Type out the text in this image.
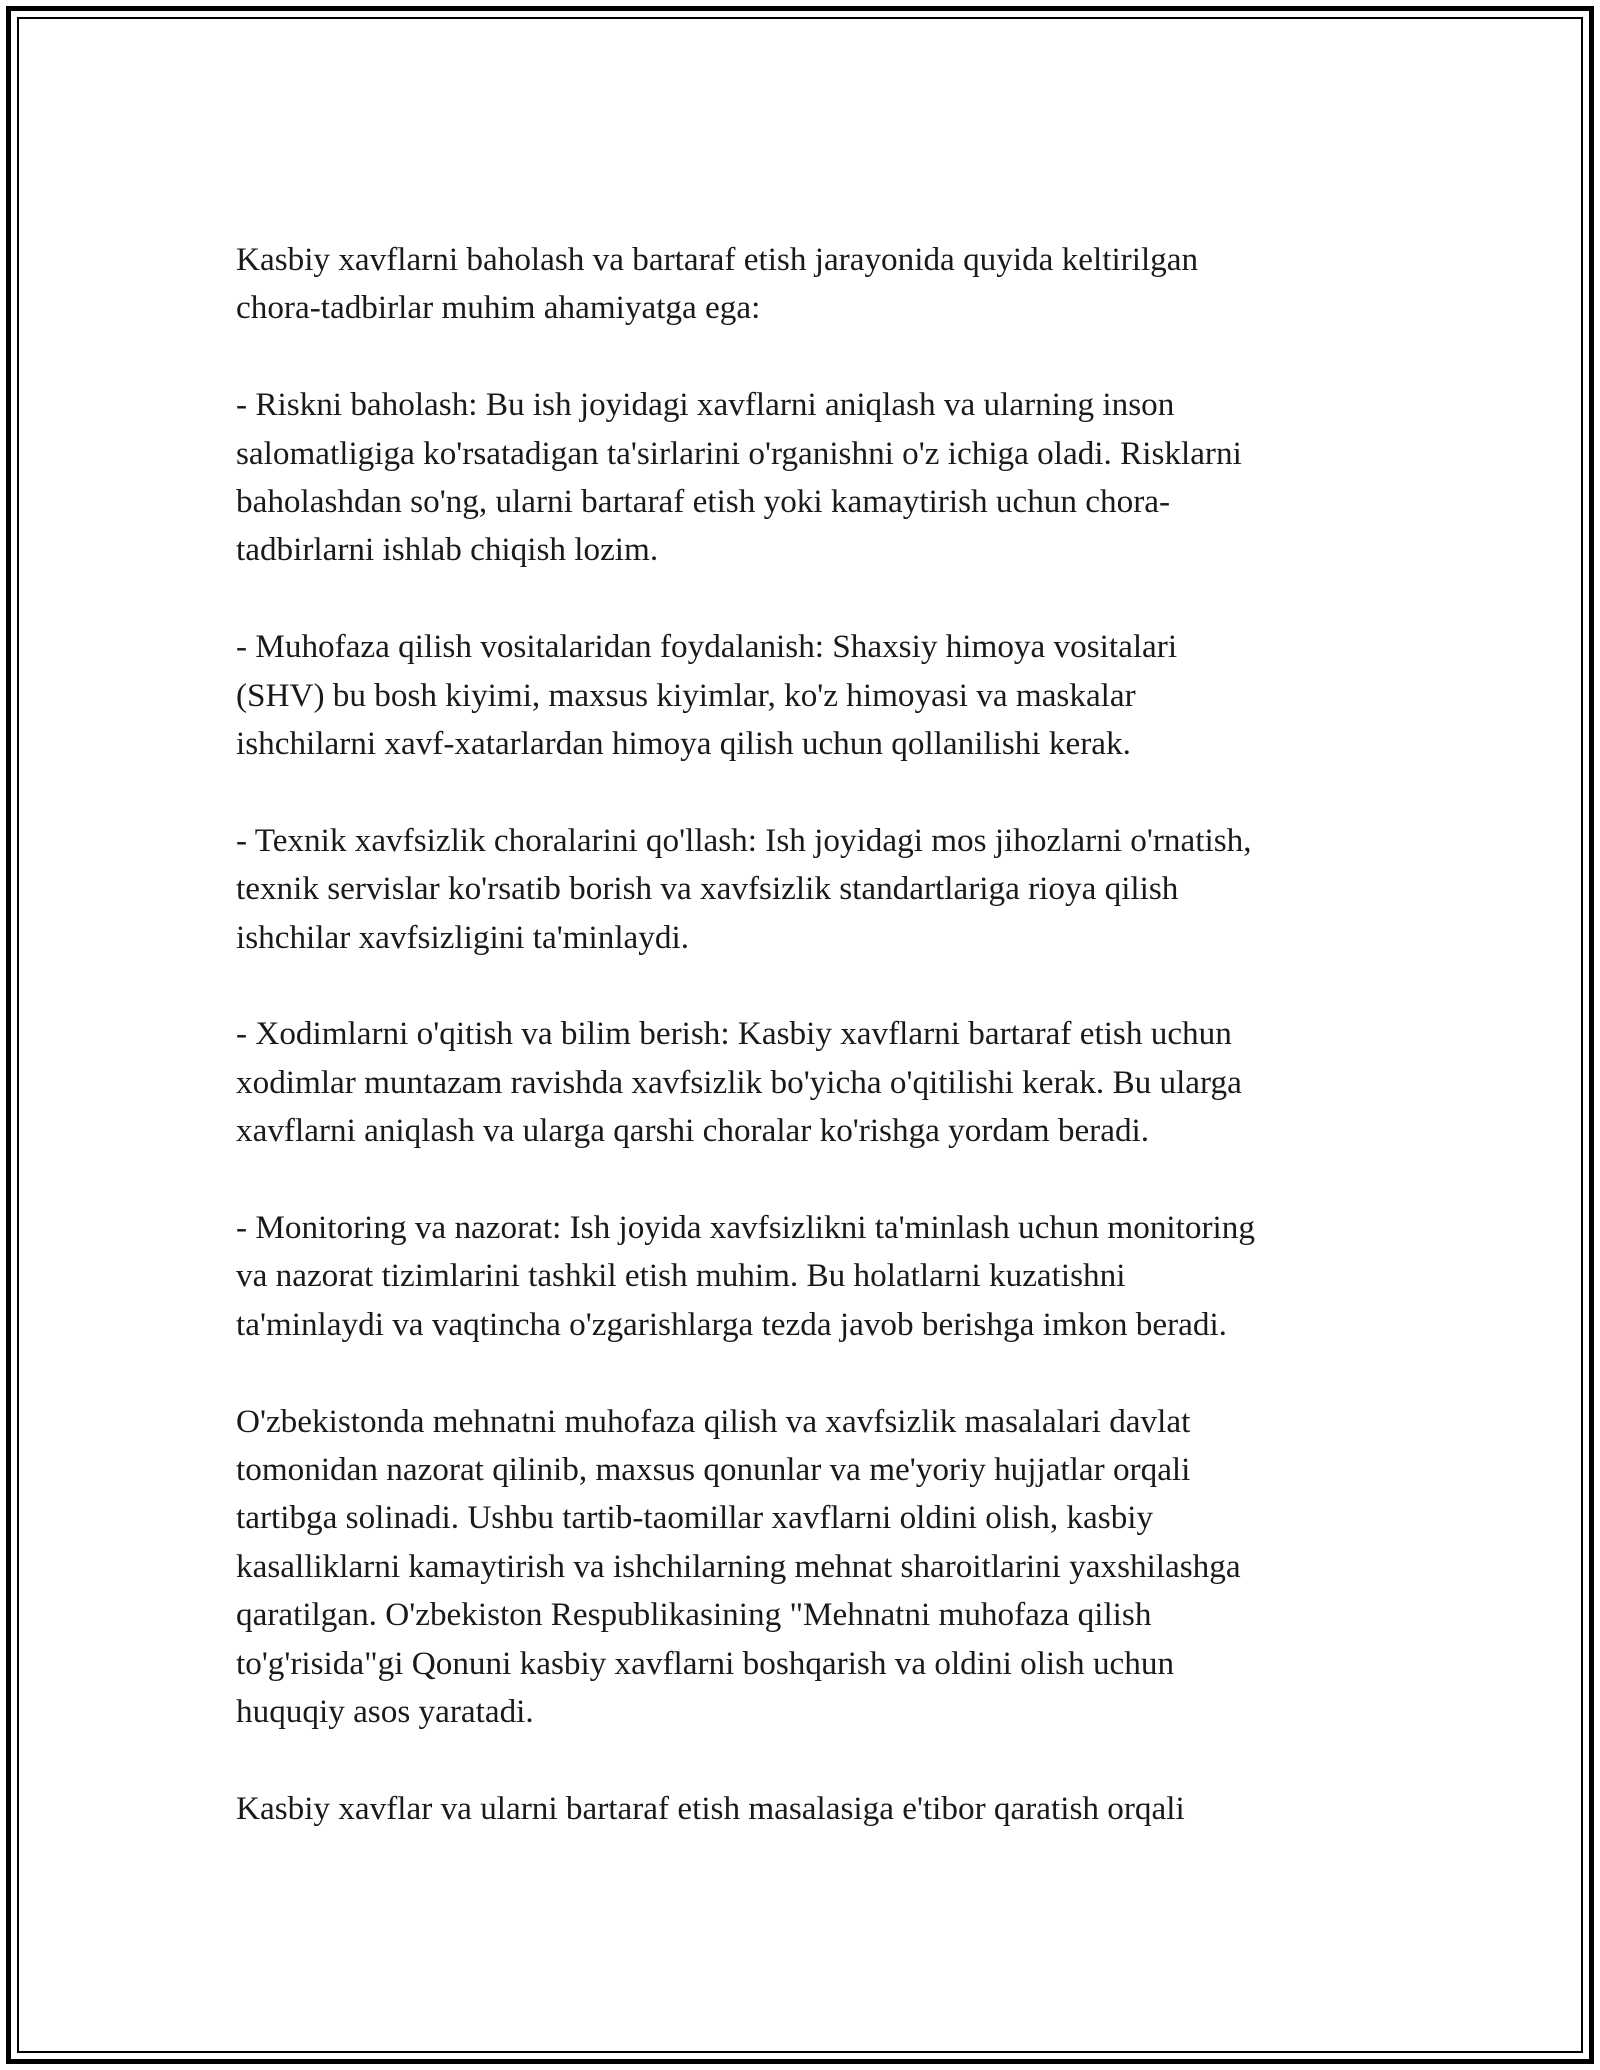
Kasbiy xavflarni baholash va bartaraf etish jarayonida quyida keltirilgan
chora-tadbirlar muhim ahamiyatga ega:

- Riskni baholash: Bu ish joyidagi xavflarni aniqlash va ularning inson
salomatligiga ko'rsatadigan ta'sirlarini o'rganishni o'z ichiga oladi. Risklarni
baholashdan so'ng, ularni bartaraf etish yoki kamaytirish uchun chora-
tadbirlarni ishlab chiqish lozim.

- Muhofaza qilish vositalaridan foydalanish: Shaxsiy himoya vositalari
(SHV) bu bosh kiyimi, maxsus kiyimlar, ko'z himoyasi va maskalar
ishchilarni xavf-xatarlardan himoya qilish uchun qollanilishi kerak.

- Texnik xavfsizlik choralarini qo'llash: Ish joyidagi mos jihozlarni o'rnatish,
texnik servislar ko'rsatib borish va xavfsizlik standartlariga rioya qilish
ishchilar xavfsizligini ta'minlaydi.

- Xodimlarni o'qitish va bilim berish: Kasbiy xavflarni bartaraf etish uchun
xodimlar muntazam ravishda xavfsizlik bo'yicha o'qitilishi kerak. Bu ularga
xavflarni aniqlash va ularga qarshi choralar ko'rishga yordam beradi.

- Monitoring va nazorat: Ish joyida xavfsizlikni ta'minlash uchun monitoring
va nazorat tizimlarini tashkil etish muhim. Bu holatlarni kuzatishni
ta'minlaydi va vaqtincha o'zgarishlarga tezda javob berishga imkon beradi.

O'zbekistonda mehnatni muhofaza qilish va xavfsizlik masalalari davlat
tomonidan nazorat qilinib, maxsus qonunlar va me'yoriy hujjatlar orqali
tartibga solinadi. Ushbu tartib-taomillar xavflarni oldini olish, kasbiy
kasalliklarni kamaytirish va ishchilarning mehnat sharoitlarini yaxshilashga
qaratilgan. O'zbekiston Respublikasining "Mehnatni muhofaza qilish
to'g'risida"gi Qonuni kasbiy xavflarni boshqarish va oldini olish uchun
huquqiy asos yaratadi.

Kasbiy xavflar va ularni bartaraf etish masalasiga e'tibor qaratish orqali
